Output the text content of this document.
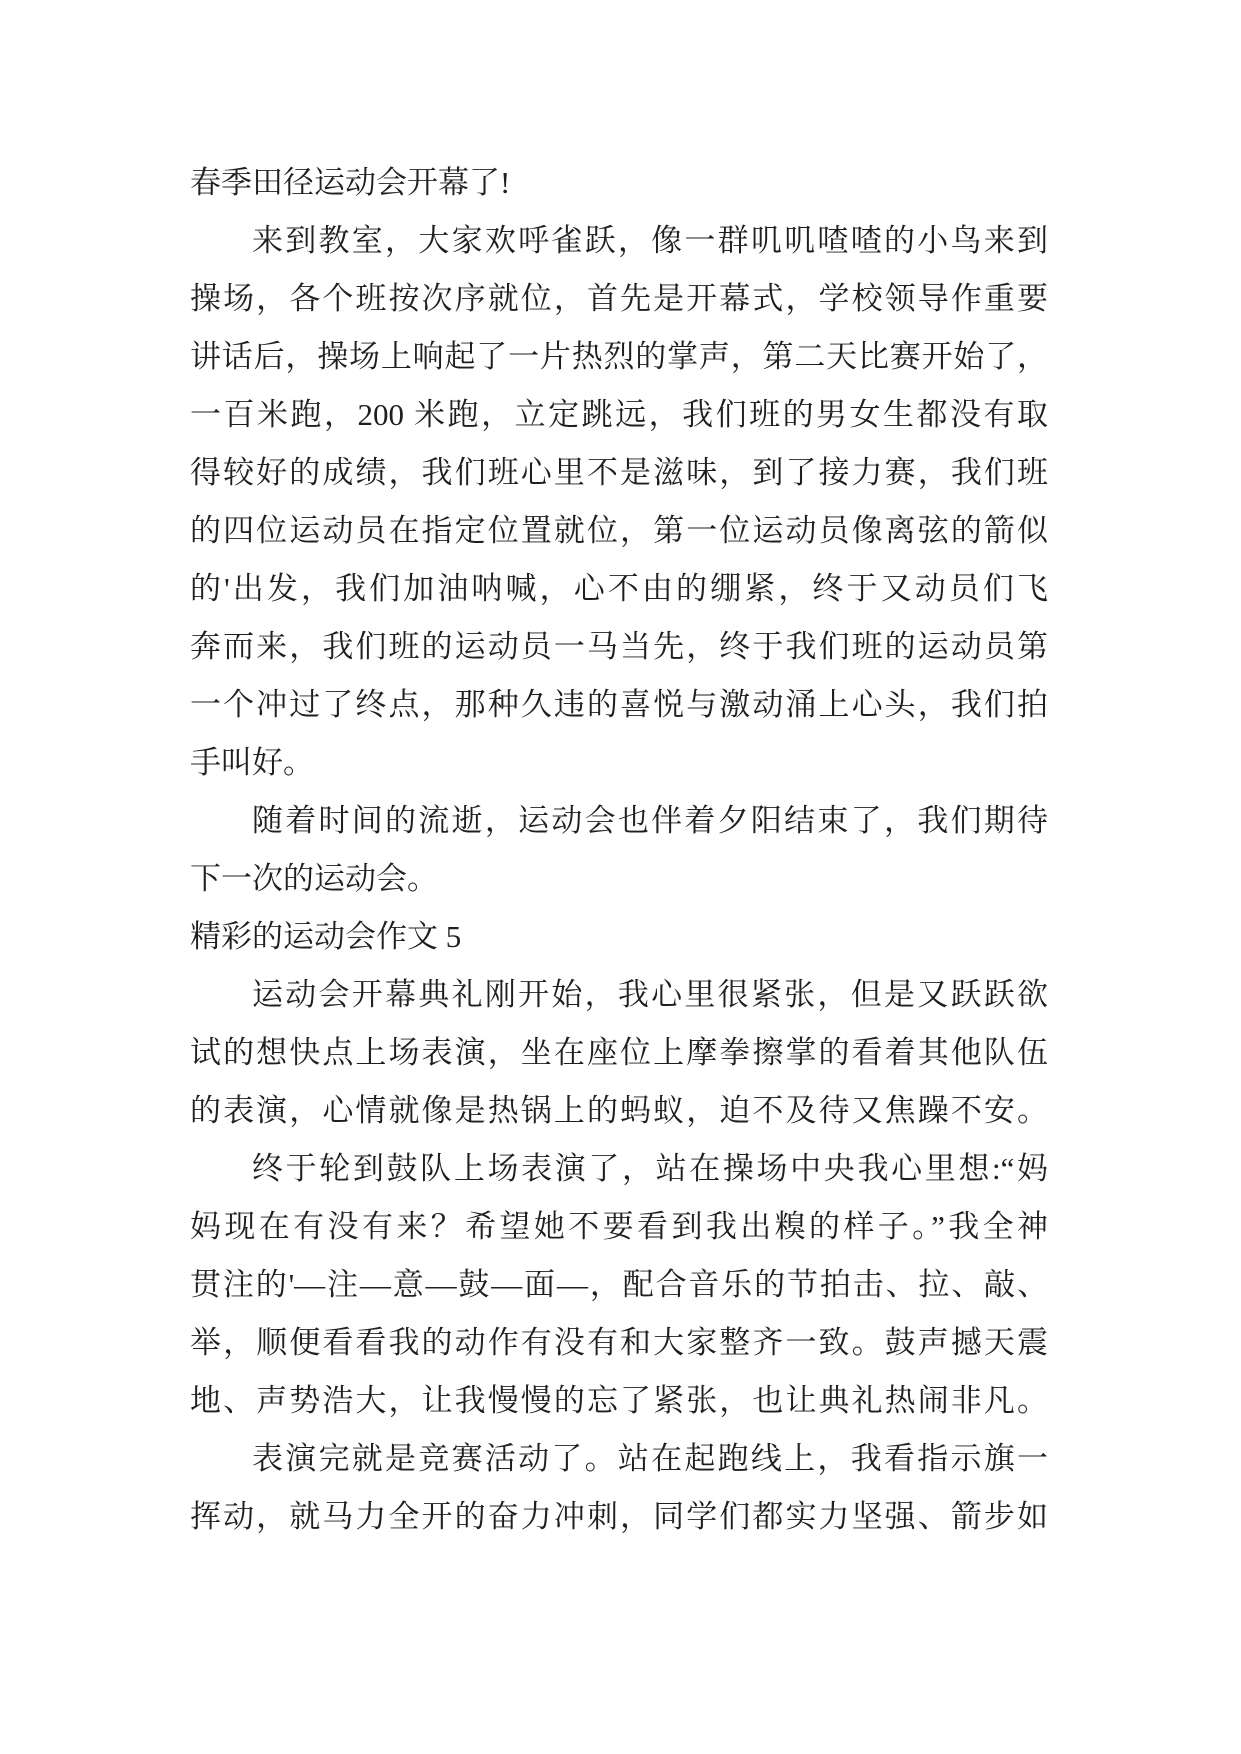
春季田径运动会开幕了!
来到教室，大家欢呼雀跃，像一群叽叽喳喳的小鸟来到
操场，各个班按次序就位，首先是开幕式，学校领导作重要
讲话后，操场上响起了一片热烈的掌声，第二天比赛开始了，
一百米跑，200 米跑，立定跳远，我们班的男女生都没有取
得较好的成绩，我们班心里不是滋味，到了接力赛，我们班
的四位运动员在指定位置就位，第一位运动员像离弦的箭似
的'出发，我们加油呐喊，心不由的绷紧，终于又动员们飞
奔而来，我们班的运动员一马当先，终于我们班的运动员第
一个冲过了终点，那种久违的喜悦与激动涌上心头，我们拍
手叫好。
随着时间的流逝，运动会也伴着夕阳结束了，我们期待
下一次的运动会。
精彩的运动会作文 5
运动会开幕典礼刚开始，我心里很紧张，但是又跃跃欲
试的想快点上场表演，坐在座位上摩拳擦掌的看着其他队伍
的表演，心情就像是热锅上的蚂蚁，迫不及待又焦躁不安。
终于轮到鼓队上场表演了，站在操场中央我心里想:“妈
妈现在有没有来？希望她不要看到我出糗的样子。”我全神
贯注的'—注—意—鼓—面—，配合音乐的节拍击、拉、敲、
举，顺便看看我的动作有没有和大家整齐一致。鼓声撼天震
地、声势浩大，让我慢慢的忘了紧张，也让典礼热闹非凡。
表演完就是竞赛活动了。站在起跑线上，我看指示旗一
挥动，就马力全开的奋力冲刺，同学们都实力坚强、箭步如
